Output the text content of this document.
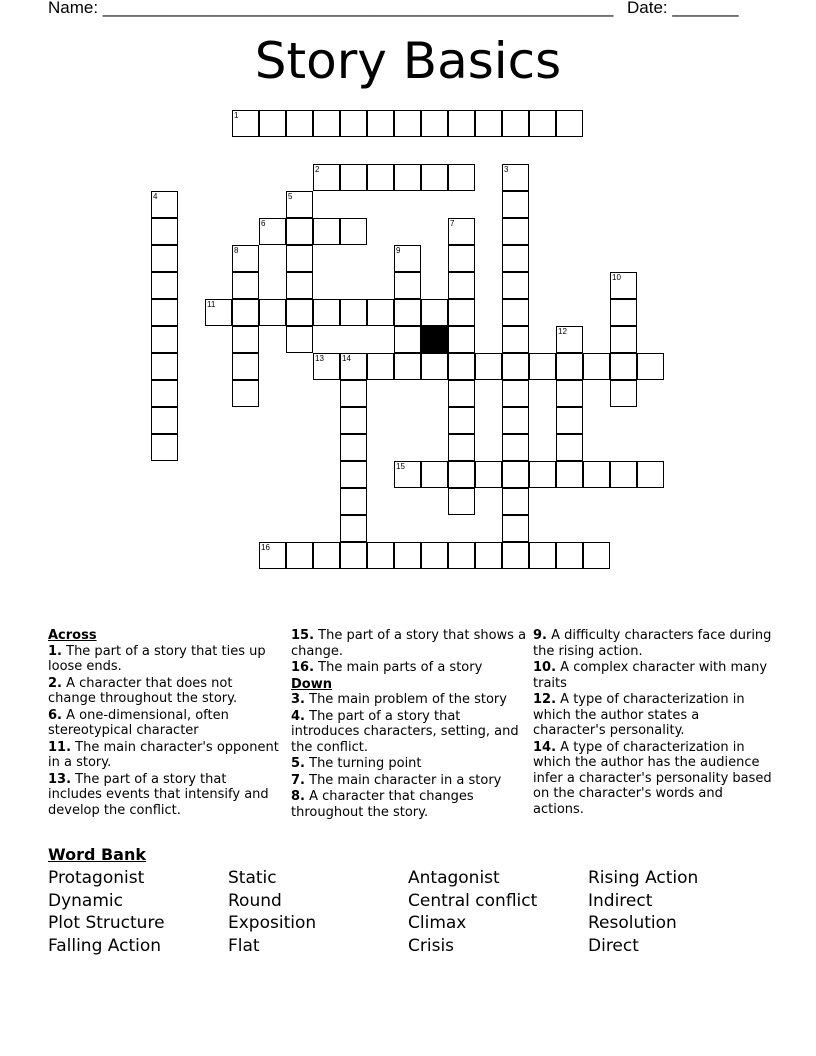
Name: ______________________________________________________ Date: _______
Story Basics
1
2
6
11
13 14
15
16
3
4	5
7
8	9
10
12
Across
1. The part of a story that ties up loose ends.
2. A character that does not change throughout the story.
6. A one-dimensional, often stereotypical character
11. The main character's opponent in a story.
13. The part of a story that includes events that intensify and develop the conflict.
15. The part of a story that shows a change.
16. The main parts of a story
Down
3. The main problem of the story
4. The part of a story that introduces characters, setting, and the conflict.
5. The turning point
7. The main character in a story
8. A character that changes throughout the story.
9. A difficulty characters face during the rising action.
10. A complex character with many traits
12. A type of characterization in which the author states a character's personality.
14. A type of characterization in which the author has the audience infer a character's personality based on the character's words and actions.
Word Bank
Protagonist	Static	Antagonist	Rising Action
Dynamic	Round	Central conflict	Indirect
Plot Structure	Exposition	Climax	Resolution
Falling Action	Flat	Crisis	Direct
